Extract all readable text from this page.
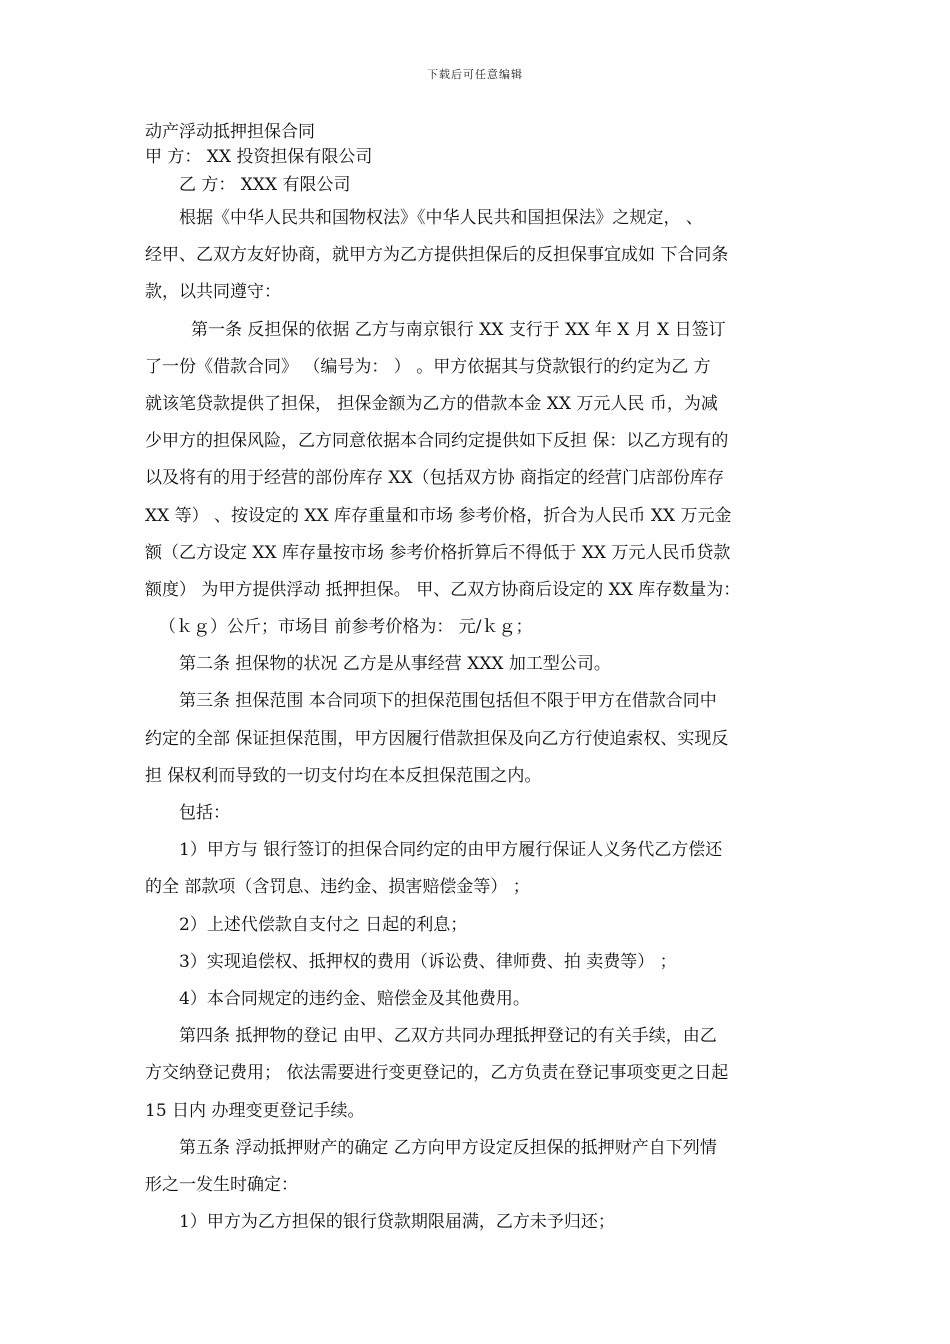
下载后可任意编辑
动产浮动抵押担保合同
甲 方： XX 投资担保有限公司
乙 方： XXX 有限公司
根据《中华人民共和国物权法》《中华人民共和国担保法》之规定， 、
经甲、乙双方友好协商，就甲方为乙方提供担保后的反担保事宜成如 下合同条
款，以共同遵守：
第一条 反担保的依据 乙方与南京银行 XX 支行于 XX 年 X 月 X 日签订
了一份《借款合同》 （编号为： ） 。甲方依据其与贷款银行的约定为乙 方
就该笔贷款提供了担保， 担保金额为乙方的借款本金 XX 万元人民 币，为减
少甲方的担保风险，乙方同意依据本合同约定提供如下反担 保：以乙方现有的
以及将有的用于经营的部份库存 XX（包括双方协 商指定的经营门店部份库存
XX 等） 、按设定的 XX 库存重量和市场 参考价格，折合为人民币 XX 万元金
额（乙方设定 XX 库存量按市场 参考价格折算后不得低于 XX 万元人民币贷款
额度） 为甲方提供浮动 抵押担保。 甲、乙双方协商后设定的 XX 库存数量为：
（ｋｇ）公斤；市场目 前参考价格为： 元/ｋｇ；
第二条 担保物的状况 乙方是从事经营 XXX 加工型公司。
第三条 担保范围 本合同项下的担保范围包括但不限于甲方在借款合同中
约定的全部 保证担保范围，甲方因履行借款担保及向乙方行使追索权、实现反
担 保权利而导致的一切支付均在本反担保范围之内。
包括：
1）甲方与 银行签订的担保合同约定的由甲方履行保证人义务代乙方偿还
的全 部款项（含罚息、违约金、损害赔偿金等） ；
2）上述代偿款自支付之 日起的利息；
3）实现追偿权、抵押权的费用（诉讼费、律师费、拍 卖费等） ；
4）本合同规定的违约金、赔偿金及其他费用。
第四条 抵押物的登记 由甲、乙双方共同办理抵押登记的有关手续，由乙
方交纳登记费用； 依法需要进行变更登记的，乙方负责在登记事项变更之日起
15 日内 办理变更登记手续。
第五条 浮动抵押财产的确定 乙方向甲方设定反担保的抵押财产自下列情
形之一发生时确定：
1）甲方为乙方担保的银行贷款期限届满，乙方未予归还；
